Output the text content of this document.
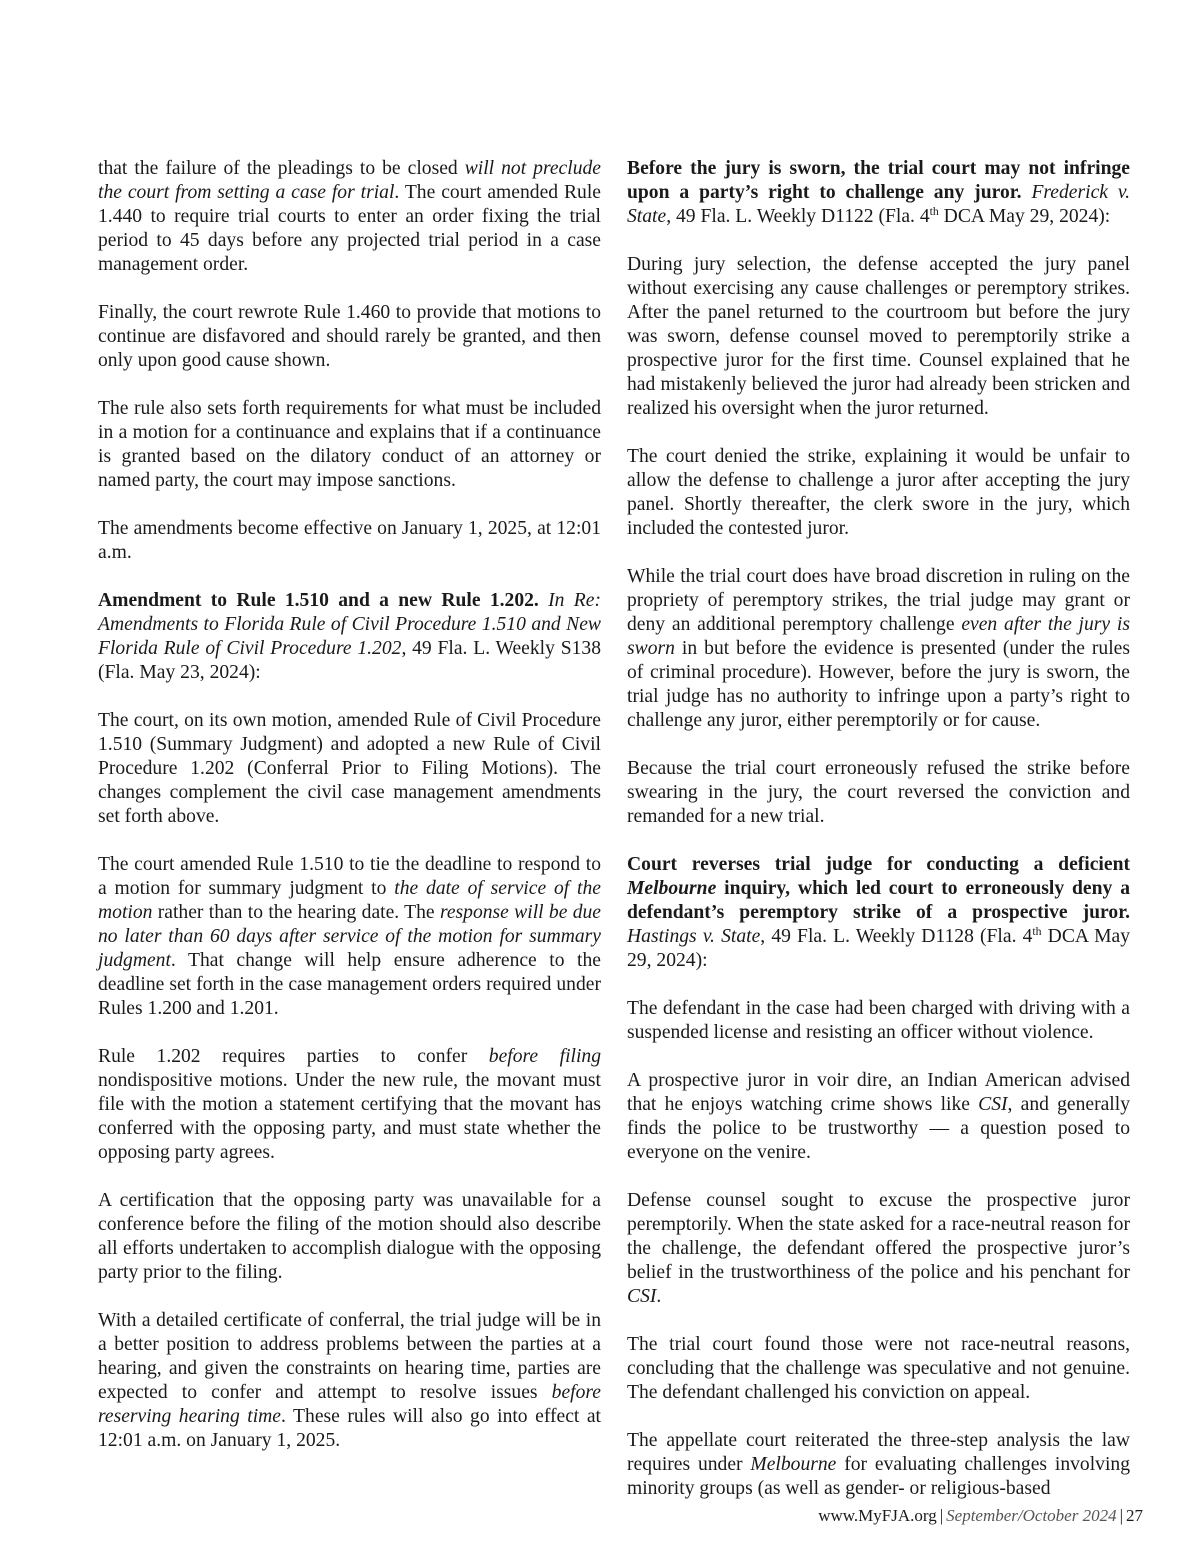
that the failure of the pleadings to be closed will not preclude the court from setting a case for trial. The court amended Rule 1.440 to require trial courts to enter an order fixing the trial period to 45 days before any projected trial period in a case management order.

Finally, the court rewrote Rule 1.460 to provide that motions to continue are disfavored and should rarely be granted, and then only upon good cause shown.

The rule also sets forth requirements for what must be included in a motion for a continuance and explains that if a continuance is granted based on the dilatory conduct of an attorney or named party, the court may impose sanctions.

The amendments become effective on January 1, 2025, at 12:01 a.m.

Amendment to Rule 1.510 and a new Rule 1.202. In Re: Amendments to Florida Rule of Civil Procedure 1.510 and New Florida Rule of Civil Procedure 1.202, 49 Fla. L. Weekly S138 (Fla. May 23, 2024):

The court, on its own motion, amended Rule of Civil Procedure 1.510 (Summary Judgment) and adopted a new Rule of Civil Procedure 1.202 (Conferral Prior to Filing Motions). The changes complement the civil case management amendments set forth above.

The court amended Rule 1.510 to tie the deadline to respond to a motion for summary judgment to the date of service of the motion rather than to the hearing date. The response will be due no later than 60 days after service of the motion for summary judgment. That change will help ensure adherence to the deadline set forth in the case management orders required under Rules 1.200 and 1.201.

Rule 1.202 requires parties to confer before filing nondispositive motions. Under the new rule, the movant must file with the motion a statement certifying that the movant has conferred with the opposing party, and must state whether the opposing party agrees.

A certification that the opposing party was unavailable for a conference before the filing of the motion should also describe all efforts undertaken to accomplish dialogue with the opposing party prior to the filing.

With a detailed certificate of conferral, the trial judge will be in a better position to address problems between the parties at a hearing, and given the constraints on hearing time, parties are expected to confer and attempt to resolve issues before reserving hearing time. These rules will also go into effect at 12:01 a.m. on January 1, 2025.

Before the jury is sworn, the trial court may not infringe upon a party’s right to challenge any juror. Frederick v. State, 49 Fla. L. Weekly D1122 (Fla. 4th DCA May 29, 2024):

During jury selection, the defense accepted the jury panel without exercising any cause challenges or peremptory strikes. After the panel returned to the courtroom but before the jury was sworn, defense counsel moved to peremptorily strike a prospective juror for the first time. Counsel explained that he had mistakenly believed the juror had already been stricken and realized his oversight when the juror returned.

The court denied the strike, explaining it would be unfair to allow the defense to challenge a juror after accepting the jury panel. Shortly thereafter, the clerk swore in the jury, which included the contested juror.

While the trial court does have broad discretion in ruling on the propriety of peremptory strikes, the trial judge may grant or deny an additional peremptory challenge even after the jury is sworn in but before the evidence is presented (under the rules of criminal procedure). However, before the jury is sworn, the trial judge has no authority to infringe upon a party’s right to challenge any juror, either peremptorily or for cause.

Because the trial court erroneously refused the strike before swearing in the jury, the court reversed the conviction and remanded for a new trial.

Court reverses trial judge for conducting a deficient Melbourne inquiry, which led court to erroneously deny a defendant’s peremptory strike of a prospective juror. Hastings v. State, 49 Fla. L. Weekly D1128 (Fla. 4th DCA May 29, 2024):

The defendant in the case had been charged with driving with a suspended license and resisting an officer without violence.

A prospective juror in voir dire, an Indian American advised that he enjoys watching crime shows like CSI, and generally finds the police to be trustworthy — a question posed to everyone on the venire.

Defense counsel sought to excuse the prospective juror peremptorily. When the state asked for a race-neutral reason for the challenge, the defendant offered the prospective juror’s belief in the trustworthiness of the police and his penchant for CSI.

The trial court found those were not race-neutral reasons, concluding that the challenge was speculative and not genuine. The defendant challenged his conviction on appeal.

The appellate court reiterated the three-step analysis the law requires under Melbourne for evaluating challenges involving minority groups (as well as gender- or religious-based

www.MyFJA.org | September/October 2024 | 27
